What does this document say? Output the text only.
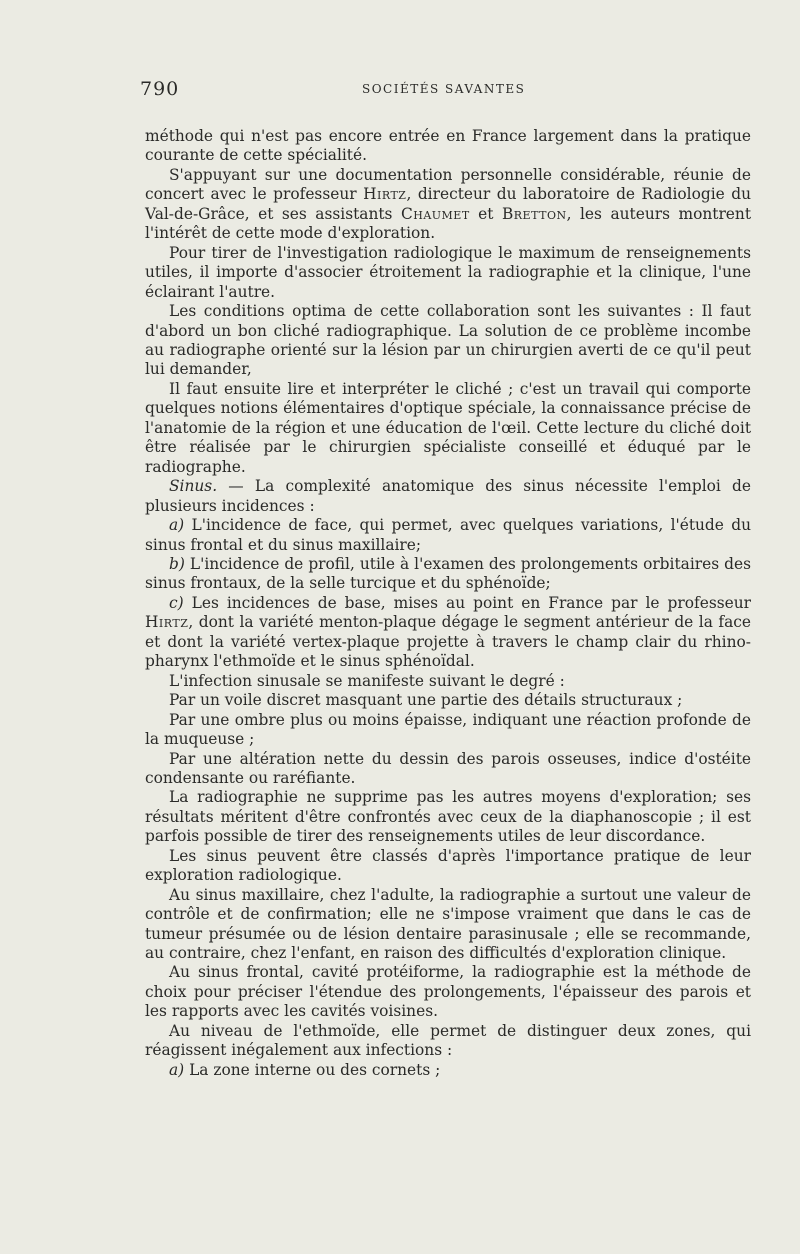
790	SOCIÉTÉS SAVANTES

méthode qui n'est pas encore entrée en France largement dans la pratique courante de cette spécialité.

S'appuyant sur une documentation personnelle considérable, réunie de concert avec le professeur Hirtz, directeur du laboratoire de Radiologie du Val-de-Grâce, et ses assistants Chaumet et Bretton, les auteurs montrent l'intérêt de cette mode d'exploration.

Pour tirer de l'investigation radiologique le maximum de renseignements utiles, il importe d'associer étroitement la radiographie et la clinique, l'une éclairant l'autre.

Les conditions optima de cette collaboration sont les suivantes : Il faut d'abord un bon cliché radiographique. La solution de ce problème incombe au radiographe orienté sur la lésion par un chirurgien averti de ce qu'il peut lui demander,

Il faut ensuite lire et interpréter le cliché ; c'est un travail qui comporte quelques notions élémentaires d'optique spéciale, la connaissance précise de l'anatomie de la région et une éducation de l'œil. Cette lecture du cliché doit être réalisée par le chirurgien spécialiste conseillé et éduqué par le radiographe.

Sinus. — La complexité anatomique des sinus nécessite l'emploi de plusieurs incidences :

a) L'incidence de face, qui permet, avec quelques variations, l'étude du sinus frontal et du sinus maxillaire;

b) L'incidence de profil, utile à l'examen des prolongements orbitaires des sinus frontaux, de la selle turcique et du sphénoïde;

c) Les incidences de base, mises au point en France par le professeur Hirtz, dont la variété menton-plaque dégage le segment antérieur de la face et dont la variété vertex-plaque projette à travers le champ clair du rhino-pharynx l'ethmoïde et le sinus sphénoïdal.

L'infection sinusale se manifeste suivant le degré :

Par un voile discret masquant une partie des détails structuraux ;

Par une ombre plus ou moins épaisse, indiquant une réaction profonde de la muqueuse ;

Par une altération nette du dessin des parois osseuses, indice d'ostéite condensante ou raréfiante.

La radiographie ne supprime pas les autres moyens d'exploration; ses résultats méritent d'être confrontés avec ceux de la diaphanoscopie ; il est parfois possible de tirer des renseignements utiles de leur discordance.

Les sinus peuvent être classés d'après l'importance pratique de leur exploration radiologique.

Au sinus maxillaire, chez l'adulte, la radiographie a surtout une valeur de contrôle et de confirmation; elle ne s'impose vraiment que dans le cas de tumeur présumée ou de lésion dentaire parasinusale ; elle se recommande, au contraire, chez l'enfant, en raison des difficultés d'exploration clinique.

Au sinus frontal, cavité protéiforme, la radiographie est la méthode de choix pour préciser l'étendue des prolongements, l'épaisseur des parois et les rapports avec les cavités voisines.

Au niveau de l'ethmoïde, elle permet de distinguer deux zones, qui réagissent inégalement aux infections :

a) La zone interne ou des cornets ;
